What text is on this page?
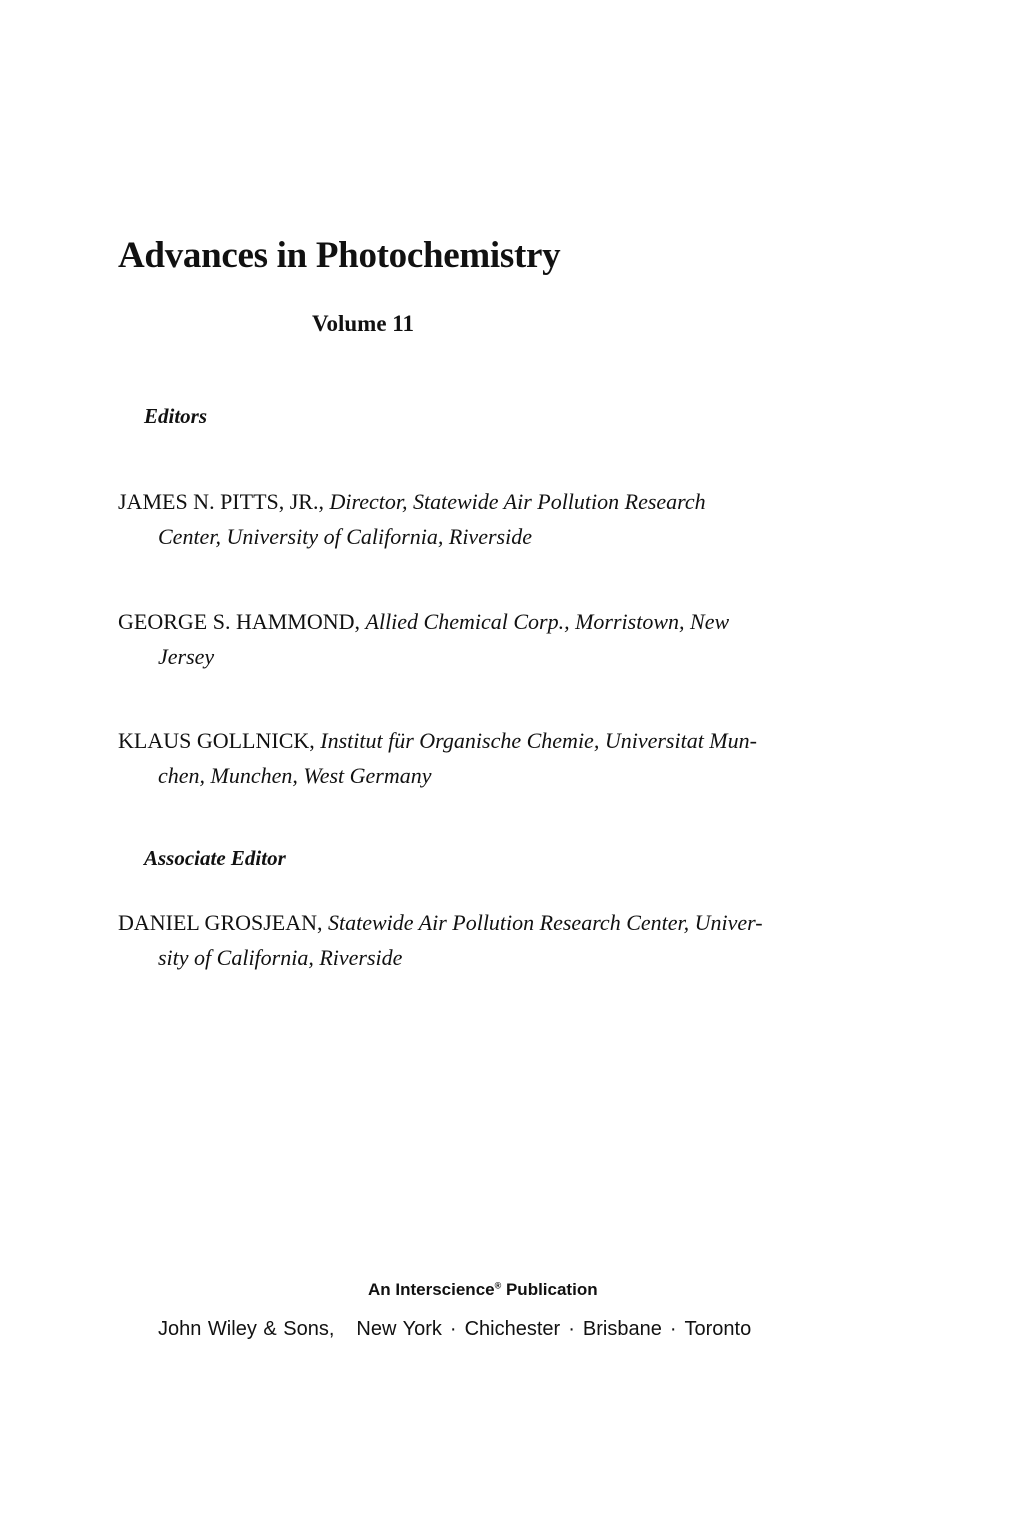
Advances in Photochemistry
Volume 11
Editors
JAMES N. PITTS, JR., Director, Statewide Air Pollution Research
Center, University of California, Riverside
GEORGE S. HAMMOND, Allied Chemical Corp., Morristown, New
Jersey
KLAUS GOLLNICK, Institut für Organische Chemie, Universitat Mun-
chen, Munchen, West Germany
Associate Editor
DANIEL GROSJEAN, Statewide Air Pollution Research Center, Univer-
sity of California, Riverside
An Interscience® Publication
John Wiley & Sons, New York · Chichester · Brisbane · Toronto
